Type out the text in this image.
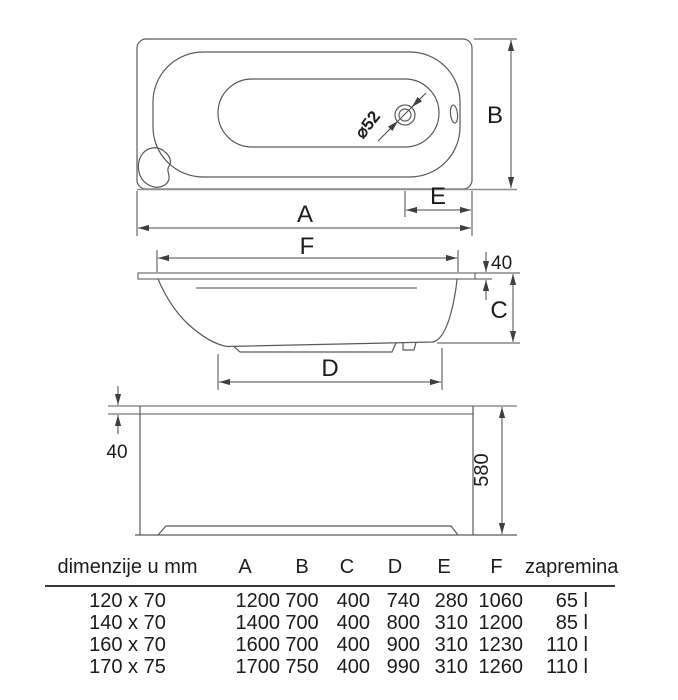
B
A
E
⌀52
F
40
C
D
40
580
dimenzije u mm	A	B	C	D	E	F	zapremina
120 x 70	1200	700	400	740	280	1060	65 l
140 x 70	1400	700	400	800	310	1200	85 l
160 x 70	1600	700	400	900	310	1230	110 l
170 x 75	1700	750	400	990	310	1260	110 l
